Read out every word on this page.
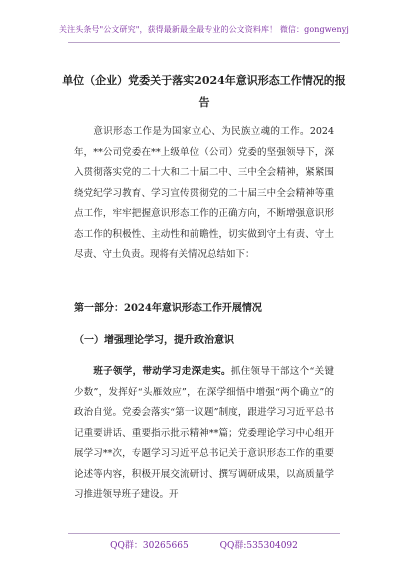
关注头条号"公文研究"，获得最新最全最专业的公文资料库！ 微信：gongwenyj
单位（企业）党委关于落实2024年意识形态工作情况的报告
意识形态工作是为国家立心、为民族立魂的工作。2024年，**公司党委在**上级单位（公司）党委的坚强领导下，深入贯彻落实党的二十大和二十届二中、三中全会精神，紧紧围绕党纪学习教育、学习宣传贯彻党的二十届三中全会精神等重点工作，牢牢把握意识形态工作的正确方向，不断增强意识形态工作的积极性、主动性和前瞻性，切实做到守土有责、守土尽责、守土负责。现将有关情况总结如下：
第一部分：2024年意识形态工作开展情况
（一）增强理论学习，提升政治意识
班子领学，带动学习走深走实。抓住领导干部这个“关键少数”，发挥好“头雁效应”，在深学细悟中增强“两个确立”的政治自觉。党委会落实“第一议题”制度，跟进学习习近平总书记重要讲话、重要指示批示精神**篇；党委理论学习中心组开展学习**次，专题学习习近平总书记关于意识形态工作的重要论述等内容，积极开展交流研讨、撰写调研成果，以高质量学习推进领导班子建设。开
QQ群：30265665	QQ群:535304092
